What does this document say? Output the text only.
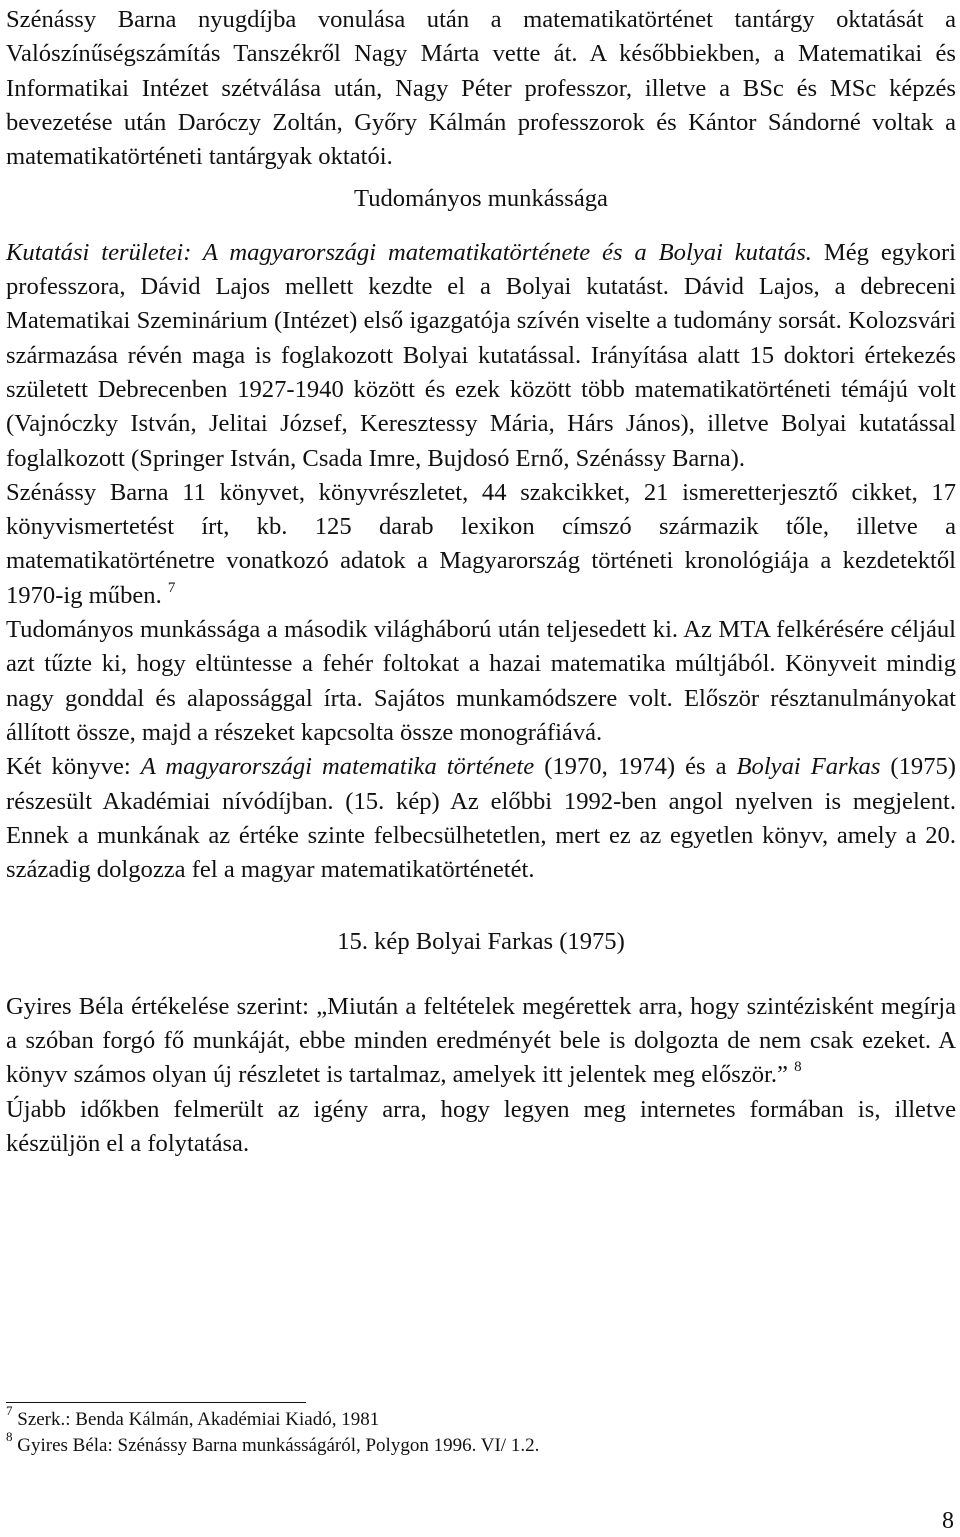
Szénássy Barna nyugdíjba vonulása után a matematikatörténet tantárgy oktatását a Valószínűségszámítás Tanszékről Nagy Márta vette át. A későbbiekben, a Matematikai és Informatikai Intézet szétválása után, Nagy Péter professzor, illetve a BSc és MSc képzés bevezetése után Daróczy Zoltán, Győry Kálmán professzorok és Kántor Sándorné voltak a matematikatörténeti tantárgyak oktatói.

Tudományos munkássága

Kutatási területei: A magyarországi matematikatörténete és a Bolyai kutatás. Még egykori professzora, Dávid Lajos mellett kezdte el a Bolyai kutatást. Dávid Lajos, a debreceni Matematikai Szeminárium (Intézet) első igazgatója szívén viselte a tudomány sorsát. Kolozsvári származása révén maga is foglakozott Bolyai kutatással. Irányítása alatt 15 doktori értekezés született Debrecenben 1927-1940 között és ezek között több matematikatörténeti témájú volt (Vajnóczky István, Jelitai József, Keresztessy Mária, Hárs János), illetve Bolyai kutatással foglalkozott (Springer István, Csada Imre, Bujdosó Ernő, Szénássy Barna).

Szénássy Barna 11 könyvet, könyvrészletet, 44 szakcikket, 21 ismeretterjesztő cikket, 17 könyvismertetést írt, kb. 125 darab lexikon címszó származik tőle, illetve a matematikatörténetre vonatkozó adatok a Magyarország történeti kronológiája a kezdetektől 1970-ig műben. $^7$

Tudományos munkássága a második világháború után teljesedett ki. Az MTA felkérésére céljául azt tűzte ki, hogy eltüntesse a fehér foltokat a hazai matematika múltjából. Könyveit mindig nagy gonddal és alapossággal írta. Sajátos munkamódszere volt. Először résztanulmányokat állított össze, majd a részeket kapcsolta össze monográfiává.

Két könyve: A magyarországi matematika története (1970, 1974) és a Bolyai Farkas (1975) részesült Akadémiai nívódíjban. (15. kép) Az előbbi 1992-ben angol nyelven is megjelent. Ennek a munkának az értéke szinte felbecsülhetetlen, mert ez az egyetlen könyv, amely a 20. századig dolgozza fel a magyar matematikatörténetét.

15. kép Bolyai Farkas (1975)

Gyires Béla értékelése szerint: „Miután a feltételek megérettek arra, hogy szintézisként megírja a szóban forgó fő munkáját, ebbe minden eredményét bele is dolgozta de nem csak ezeket. A könyv számos olyan új részletet is tartalmaz, amelyek itt jelentek meg először.” $^8$

Újabb időkben felmerült az igény arra, hogy legyen meg internetes formában is, illetve készüljön el a folytatása.

$^7$ Szerk.: Benda Kálmán, Akadémiai Kiadó, 1981

$^8$ Gyires Béla: Szénássy Barna munkásságáról, Polygon 1996. VI/ 1.2.

8
